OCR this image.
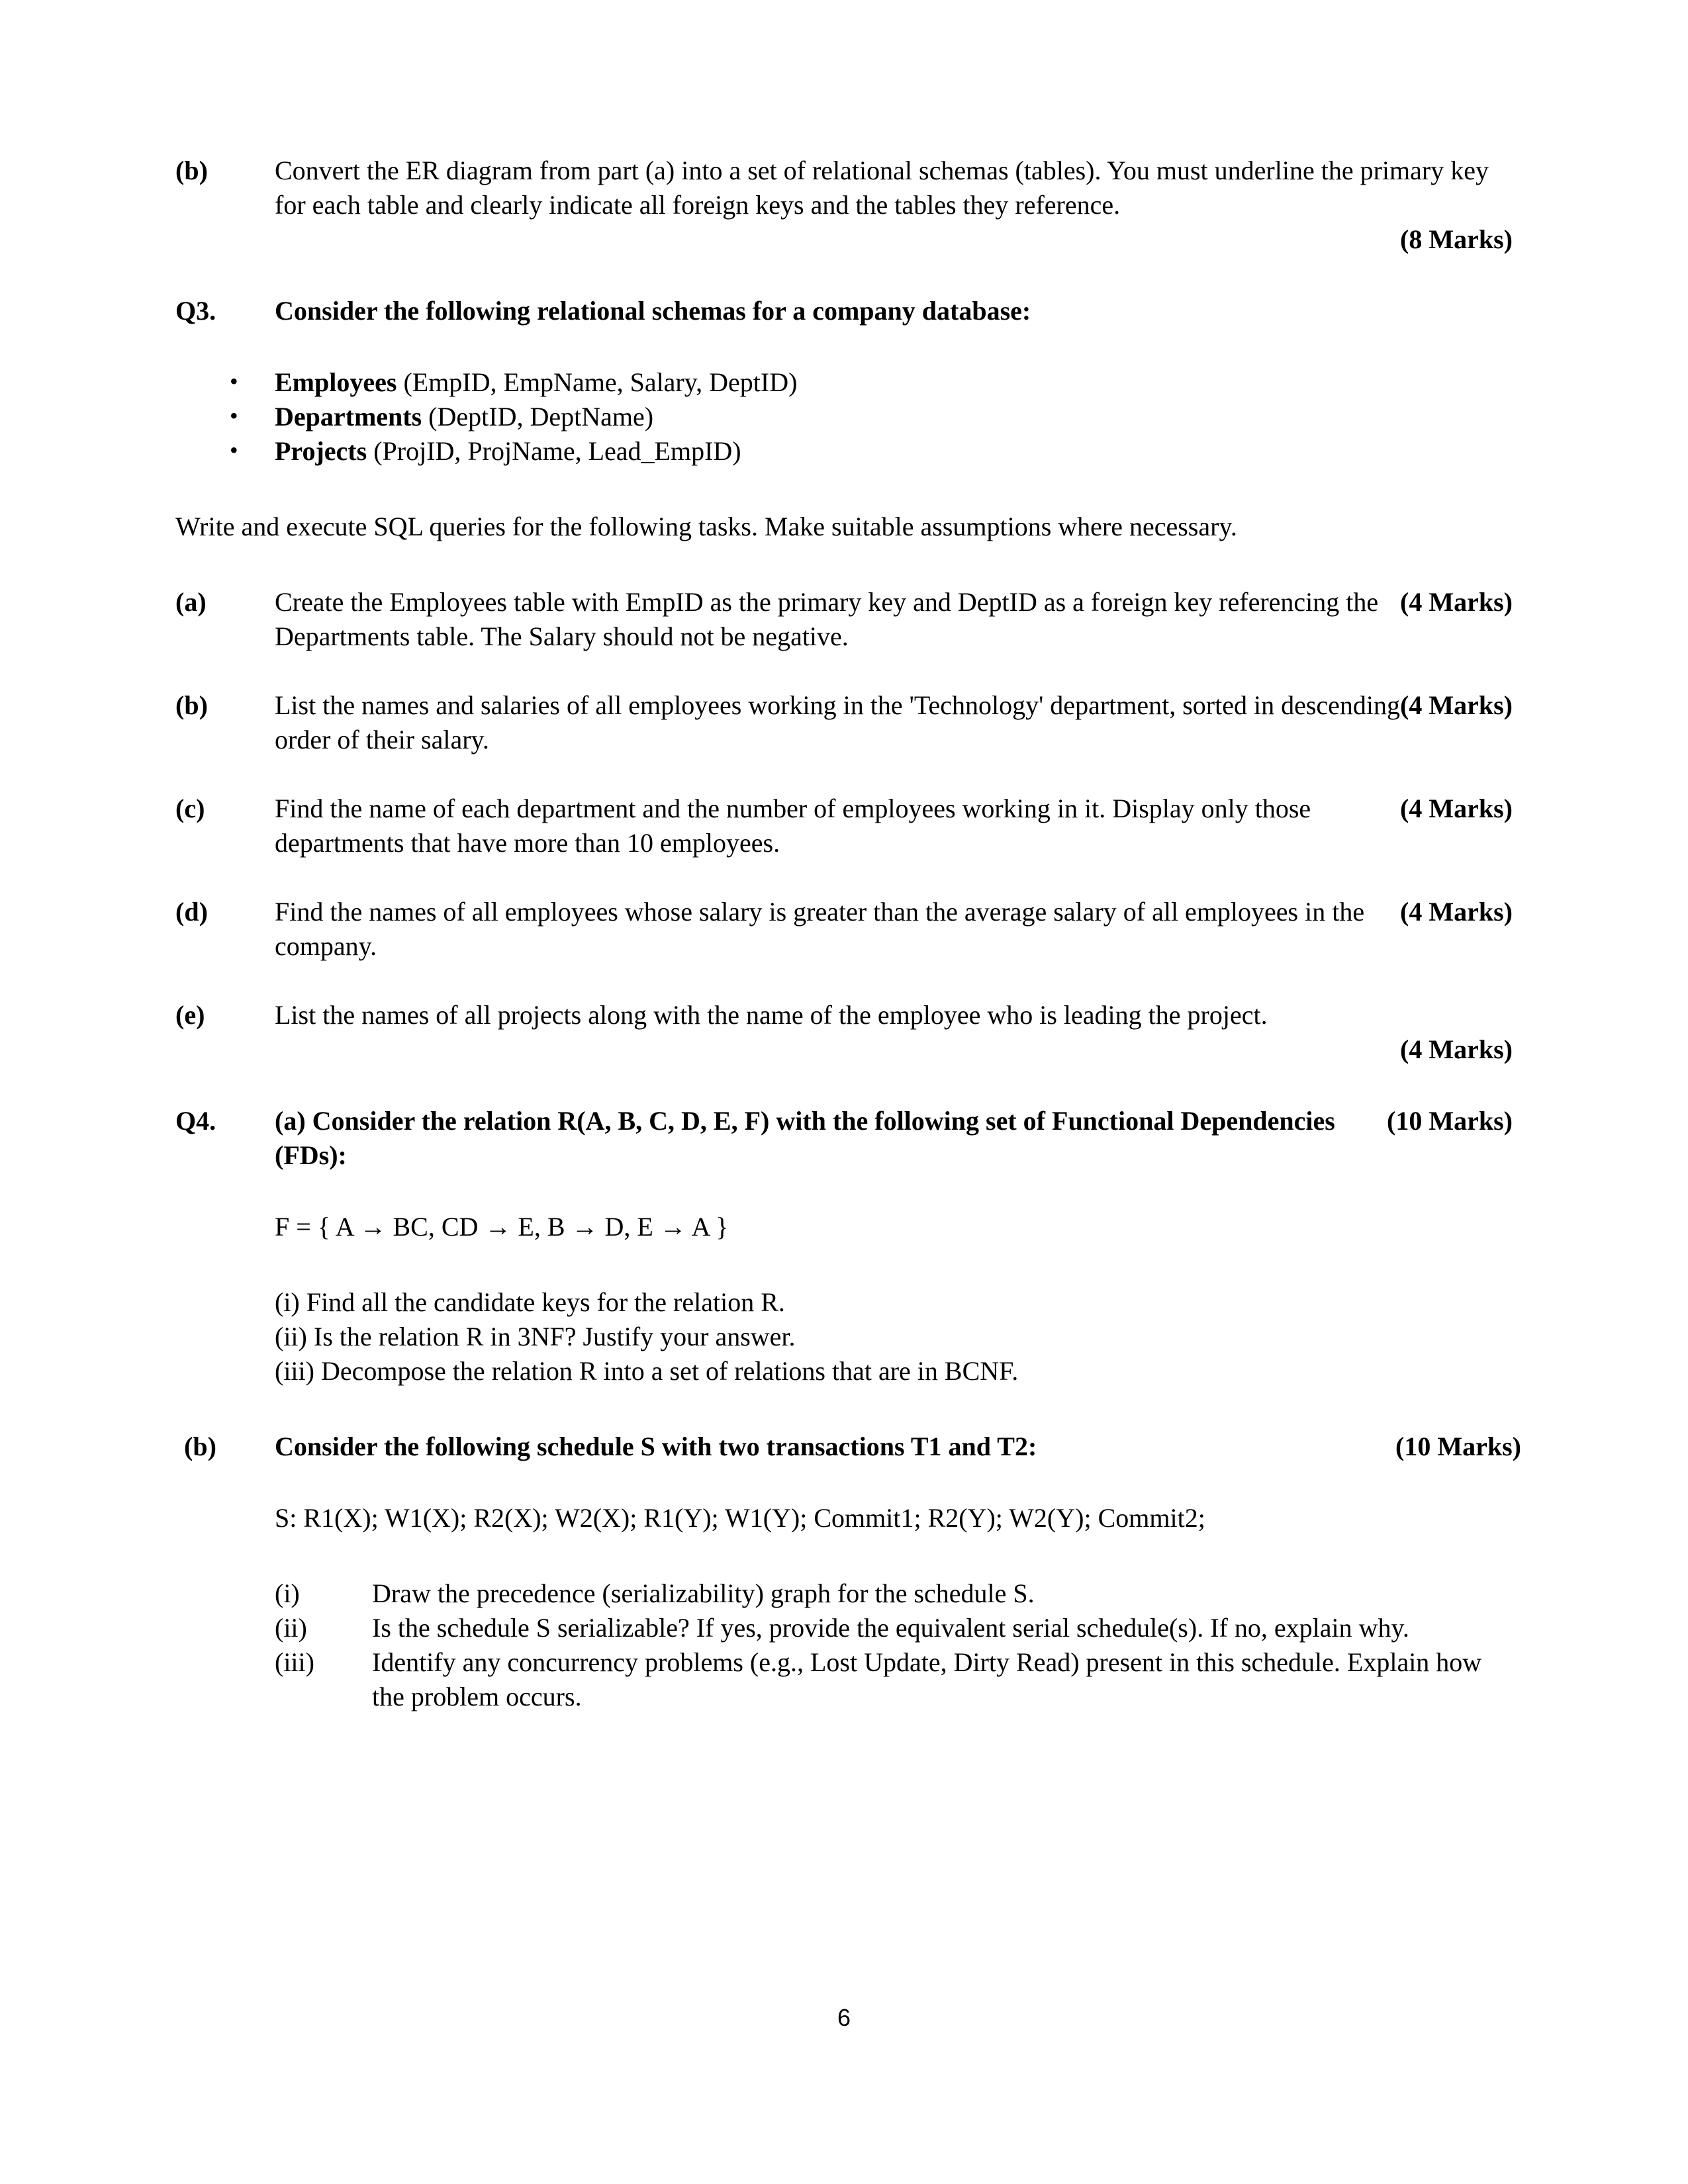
(b)	Convert the ER diagram from part (a) into a set of relational schemas (tables). You must underline the primary key for each table and clearly indicate all foreign keys and the tables they reference.
(8 Marks)
Q3.	Consider the following relational schemas for a company database:
• Employees (EmpID, EmpName, Salary, DeptID)
• Departments (DeptID, DeptName)
• Projects (ProjID, ProjName, Lead_EmpID)
Write and execute SQL queries for the following tasks. Make suitable assumptions where necessary.
(a)	(4 Marks)
Create the Employees table with EmpID as the primary key and DeptID as a foreign key referencing the Departments table. The Salary should not be negative.
(b)	(4 Marks)
List the names and salaries of all employees working in the 'Technology' department, sorted in descending order of their salary.
(c)	(4 Marks)
Find the name of each department and the number of employees working in it. Display only those departments that have more than 10 employees.
(d)	(4 Marks)
Find the names of all employees whose salary is greater than the average salary of all employees in the company.
(e)	List the names of all projects along with the name of the employee who is leading the project.
(4 Marks)
Q4.	(10 Marks)
(a) Consider the relation R(A, B, C, D, E, F) with the following set of Functional Dependencies (FDs):
F = { A → BC, CD → E, B → D, E → A }
(i) Find all the candidate keys for the relation R.
(ii) Is the relation R in 3NF? Justify your answer.
(iii) Decompose the relation R into a set of relations that are in BCNF.
(b)	(10 Marks)
Consider the following schedule S with two transactions T1 and T2:
S: R1(X); W1(X); R2(X); W2(X); R1(Y); W1(Y); Commit1; R2(Y); W2(Y); Commit2;
(i)	Draw the precedence (serializability) graph for the schedule S.
(ii)	Is the schedule S serializable? If yes, provide the equivalent serial schedule(s). If no, explain why.
(iii)	Identify any concurrency problems (e.g., Lost Update, Dirty Read) present in this schedule. Explain how the problem occurs.
6
